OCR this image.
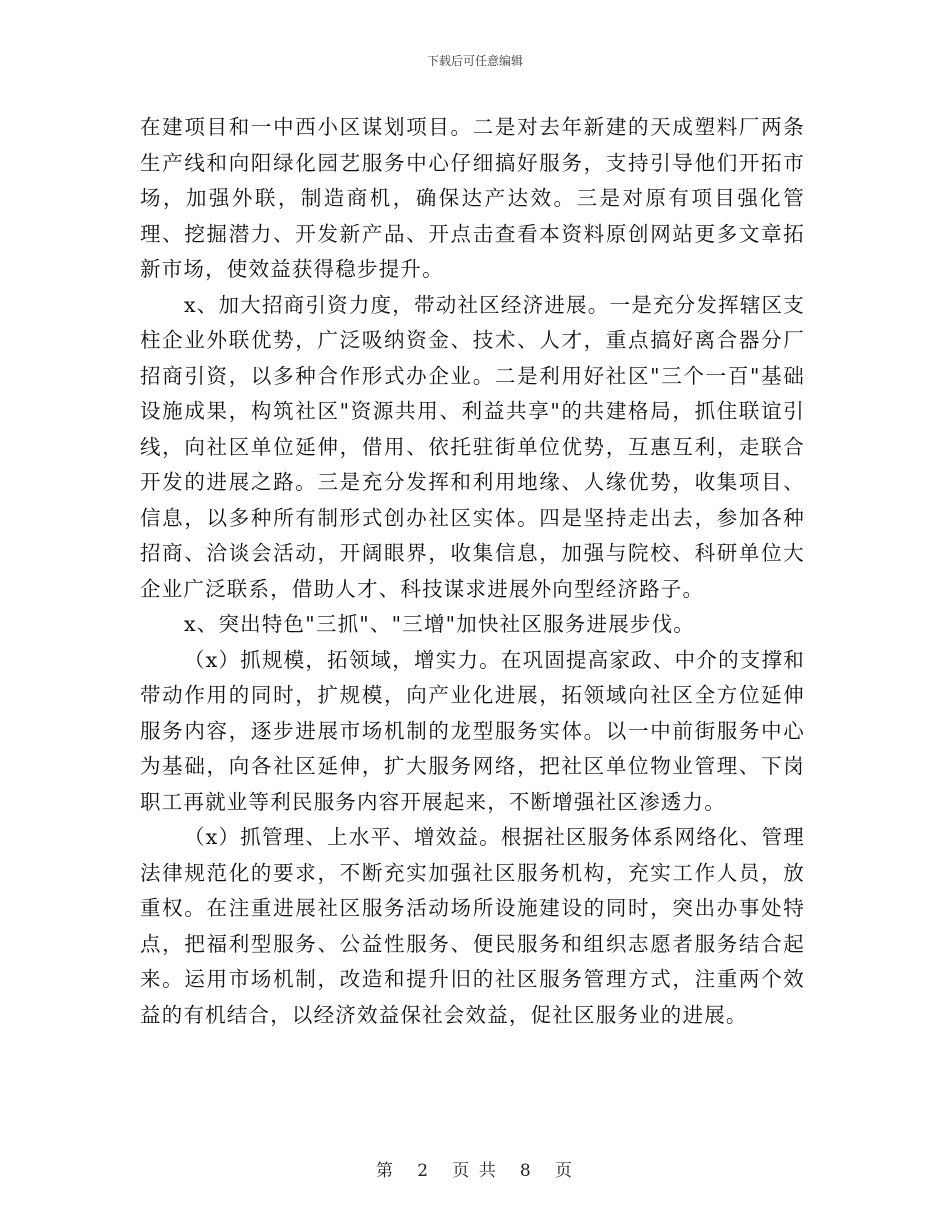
下载后可任意编辑

在建项目和一中西小区谋划项目。二是对去年新建的天成塑料厂两条生产线和向阳绿化园艺服务中心仔细搞好服务，支持引导他们开拓市场，加强外联，制造商机，确保达产达效。三是对原有项目强化管理、挖掘潜力、开发新产品、开点击查看本资料原创网站更多文章拓新市场，使效益获得稳步提升。

x、加大招商引资力度，带动社区经济进展。一是充分发挥辖区支柱企业外联优势，广泛吸纳资金、技术、人才，重点搞好离合器分厂招商引资，以多种合作形式办企业。二是利用好社区"三个一百"基础设施成果，构筑社区"资源共用、利益共享"的共建格局，抓住联谊引线，向社区单位延伸，借用、依托驻街单位优势，互惠互利，走联合开发的进展之路。三是充分发挥和利用地缘、人缘优势，收集项目、信息，以多种所有制形式创办社区实体。四是坚持走出去，参加各种招商、洽谈会活动，开阔眼界，收集信息，加强与院校、科研单位大企业广泛联系，借助人才、科技谋求进展外向型经济路子。

x、突出特色"三抓"、"三增"加快社区服务进展步伐。

（x）抓规模，拓领域，增实力。在巩固提高家政、中介的支撑和带动作用的同时，扩规模，向产业化进展，拓领域向社区全方位延伸服务内容，逐步进展市场机制的龙型服务实体。以一中前街服务中心为基础，向各社区延伸，扩大服务网络，把社区单位物业管理、下岗职工再就业等利民服务内容开展起来，不断增强社区渗透力。

（x）抓管理、上水平、增效益。根据社区服务体系网络化、管理法律规范化的要求，不断充实加强社区服务机构，充实工作人员，放重权。在注重进展社区服务活动场所设施建设的同时，突出办事处特点，把福利型服务、公益性服务、便民服务和组织志愿者服务结合起来。运用市场机制，改造和提升旧的社区服务管理方式，注重两个效益的有机结合，以经济效益保社会效益，促社区服务业的进展。

第 2 页 共 8 页
